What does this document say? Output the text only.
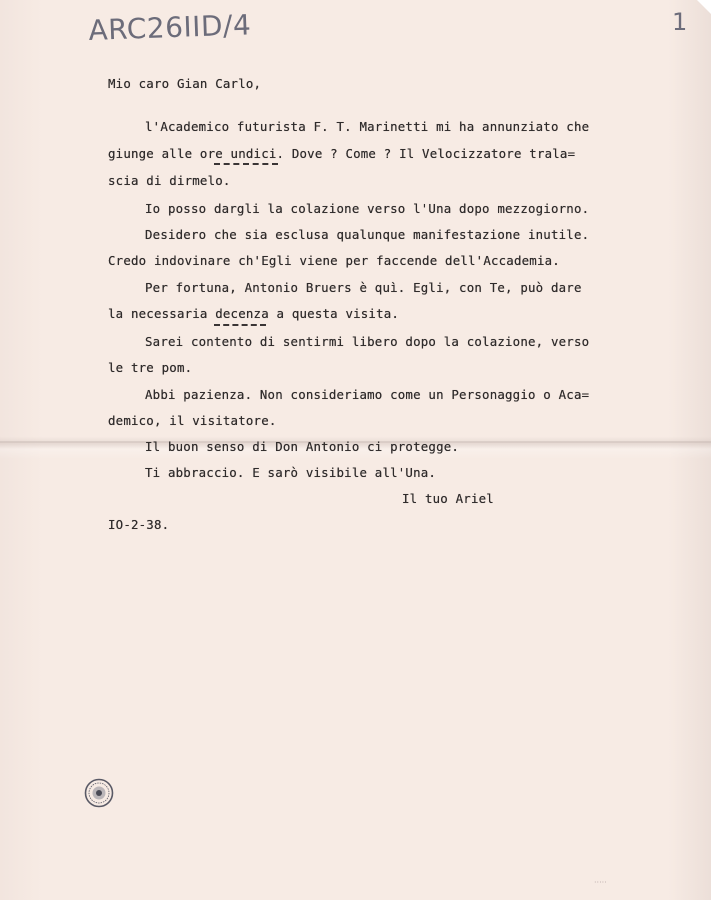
ARC26IID/4	1
Mio caro Gian Carlo,
l'Academico futurista F. T. Marinetti mi ha annunziato che
giunge alle ore undici. Dove ? Come ? Il Velocizzatore trala=
scia di dirmelo.
Io posso dargli la colazione verso l'Una dopo mezzogiorno.
Desidero che sia esclusa qualunque manifestazione inutile.
Credo indovinare ch'Egli viene per faccende dell'Accademia.
Per fortuna, Antonio Bruers è quì. Egli, con Te, può dare
la necessaria decenza a questa visita.
Sarei contento di sentirmi libero dopo la colazione, verso
le tre pom.
Abbi pazienza. Non consideriamo come un Personaggio o Aca=
demico, il visitatore.
Il buon senso di Don Antonio ci protegge.
Ti abbraccio. E sarò visibile all'Una.
Il tuo Ariel
IO-2-38.
·····
